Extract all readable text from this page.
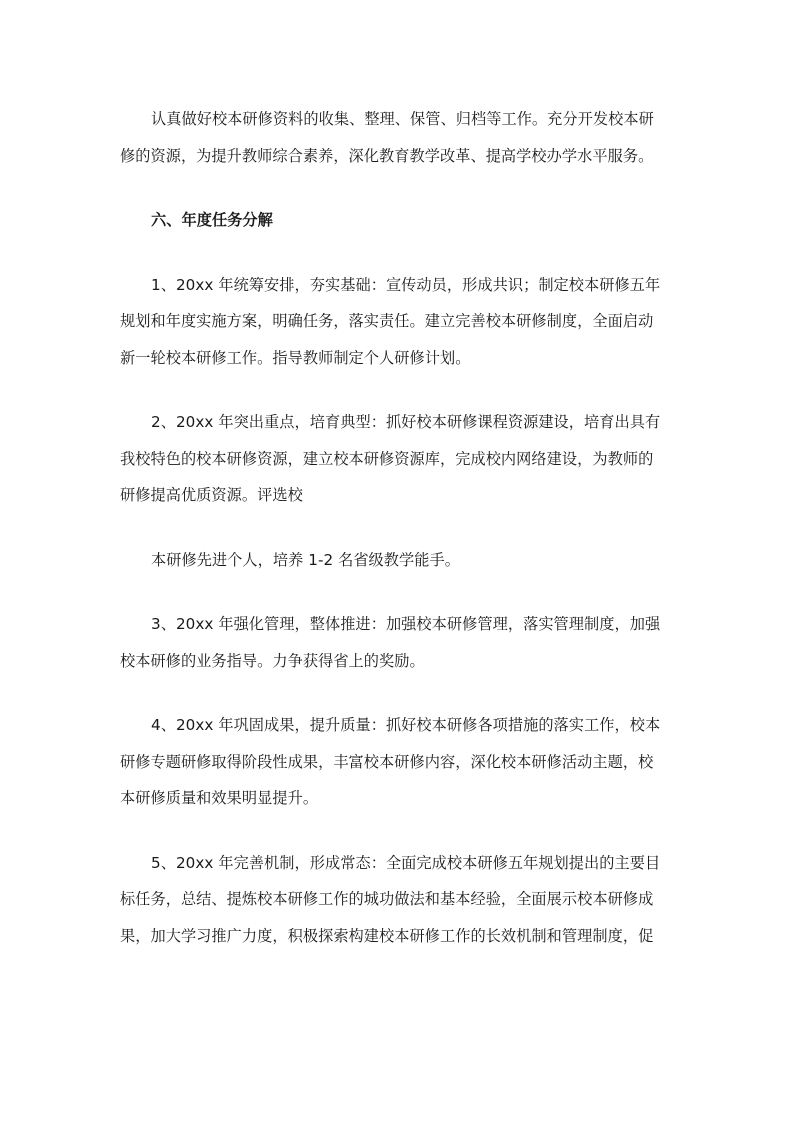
认真做好校本研修资料的收集、整理、保管、归档等工作。充分开发校本研
修的资源，为提升教师综合素养，深化教育教学改革、提高学校办学水平服务。

六、年度任务分解

1、20xx 年统筹安排，夯实基础：宣传动员，形成共识；制定校本研修五年
规划和年度实施方案，明确任务，落实责任。建立完善校本研修制度，全面启动
新一轮校本研修工作。指导教师制定个人研修计划。

2、20xx 年突出重点，培育典型：抓好校本研修课程资源建设，培育出具有
我校特色的校本研修资源，建立校本研修资源库，完成校内网络建设，为教师的
研修提高优质资源。评选校

本研修先进个人，培养 1-2 名省级教学能手。

3、20xx 年强化管理，整体推进：加强校本研修管理，落实管理制度，加强
校本研修的业务指导。力争获得省上的奖励。

4、20xx 年巩固成果，提升质量：抓好校本研修各项措施的落实工作，校本
研修专题研修取得阶段性成果，丰富校本研修内容，深化校本研修活动主题，校
本研修质量和效果明显提升。

5、20xx 年完善机制，形成常态：全面完成校本研修五年规划提出的主要目
标任务，总结、提炼校本研修工作的城功做法和基本经验，全面展示校本研修成
果，加大学习推广力度，积极探索构建校本研修工作的长效机制和管理制度，促
